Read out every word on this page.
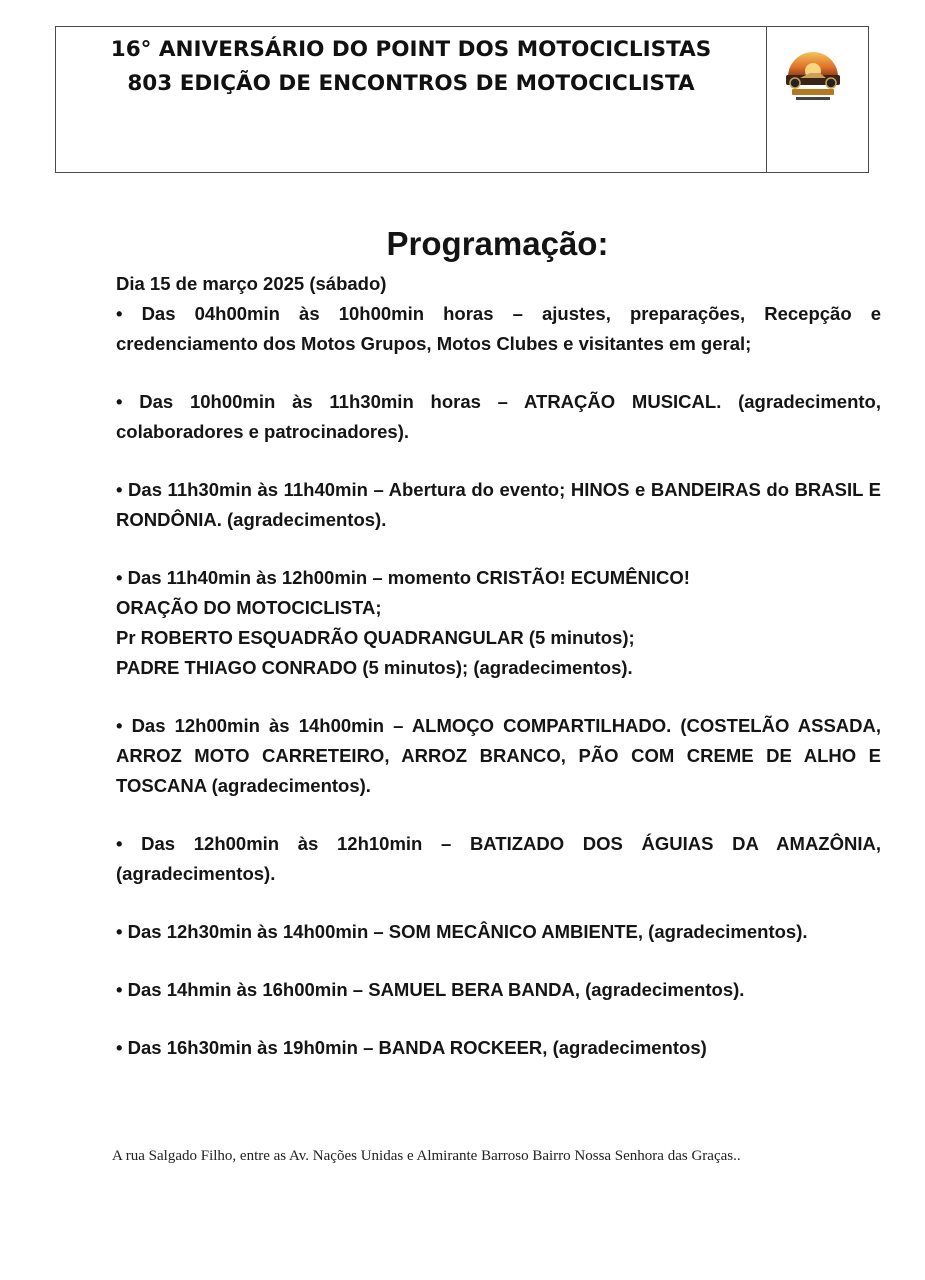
16° ANIVERSÁRIO DO POINT DOS MOTOCICLISTAS
803 EDIÇÃO DE ENCONTROS DE MOTOCICLISTA
Programação:

Dia 15 de março 2025 (sábado)

• Das 04h00min às 10h00min horas – ajustes, preparações, Recepção e credenciamento dos Motos Grupos, Motos Clubes e visitantes em geral;

• Das 10h00min às 11h30min horas – ATRAÇÃO MUSICAL. (agradecimento, colaboradores e patrocinadores).

• Das 11h30min às 11h40min – Abertura do evento; HINOS e BANDEIRAS do BRASIL E RONDÔNIA. (agradecimentos).

• Das 11h40min às 12h00min – momento CRISTÃO! ECUMÊNICO!

ORAÇÃO DO MOTOCICLISTA;

Pr ROBERTO ESQUADRÃO QUADRANGULAR (5 minutos);

PADRE THIAGO CONRADO (5 minutos); (agradecimentos).

• Das 12h00min às 14h00min – ALMOÇO COMPARTILHADO. (COSTELÃO ASSADA, ARROZ MOTO CARRETEIRO, ARROZ BRANCO, PÃO COM CREME DE ALHO E TOSCANA (agradecimentos).

• Das 12h00min às 12h10min – BATIZADO DOS ÁGUIAS DA AMAZÔNIA, (agradecimentos).

• Das 12h30min às 14h00min – SOM MECÂNICO AMBIENTE, (agradecimentos).

• Das 14hmin às 16h00min – SAMUEL BERA BANDA, (agradecimentos).

• Das 16h30min às 19h0min – BANDA ROCKEER, (agradecimentos)

A rua Salgado Filho, entre as Av. Nações Unidas e Almirante Barroso Bairro Nossa Senhora das Graças..
